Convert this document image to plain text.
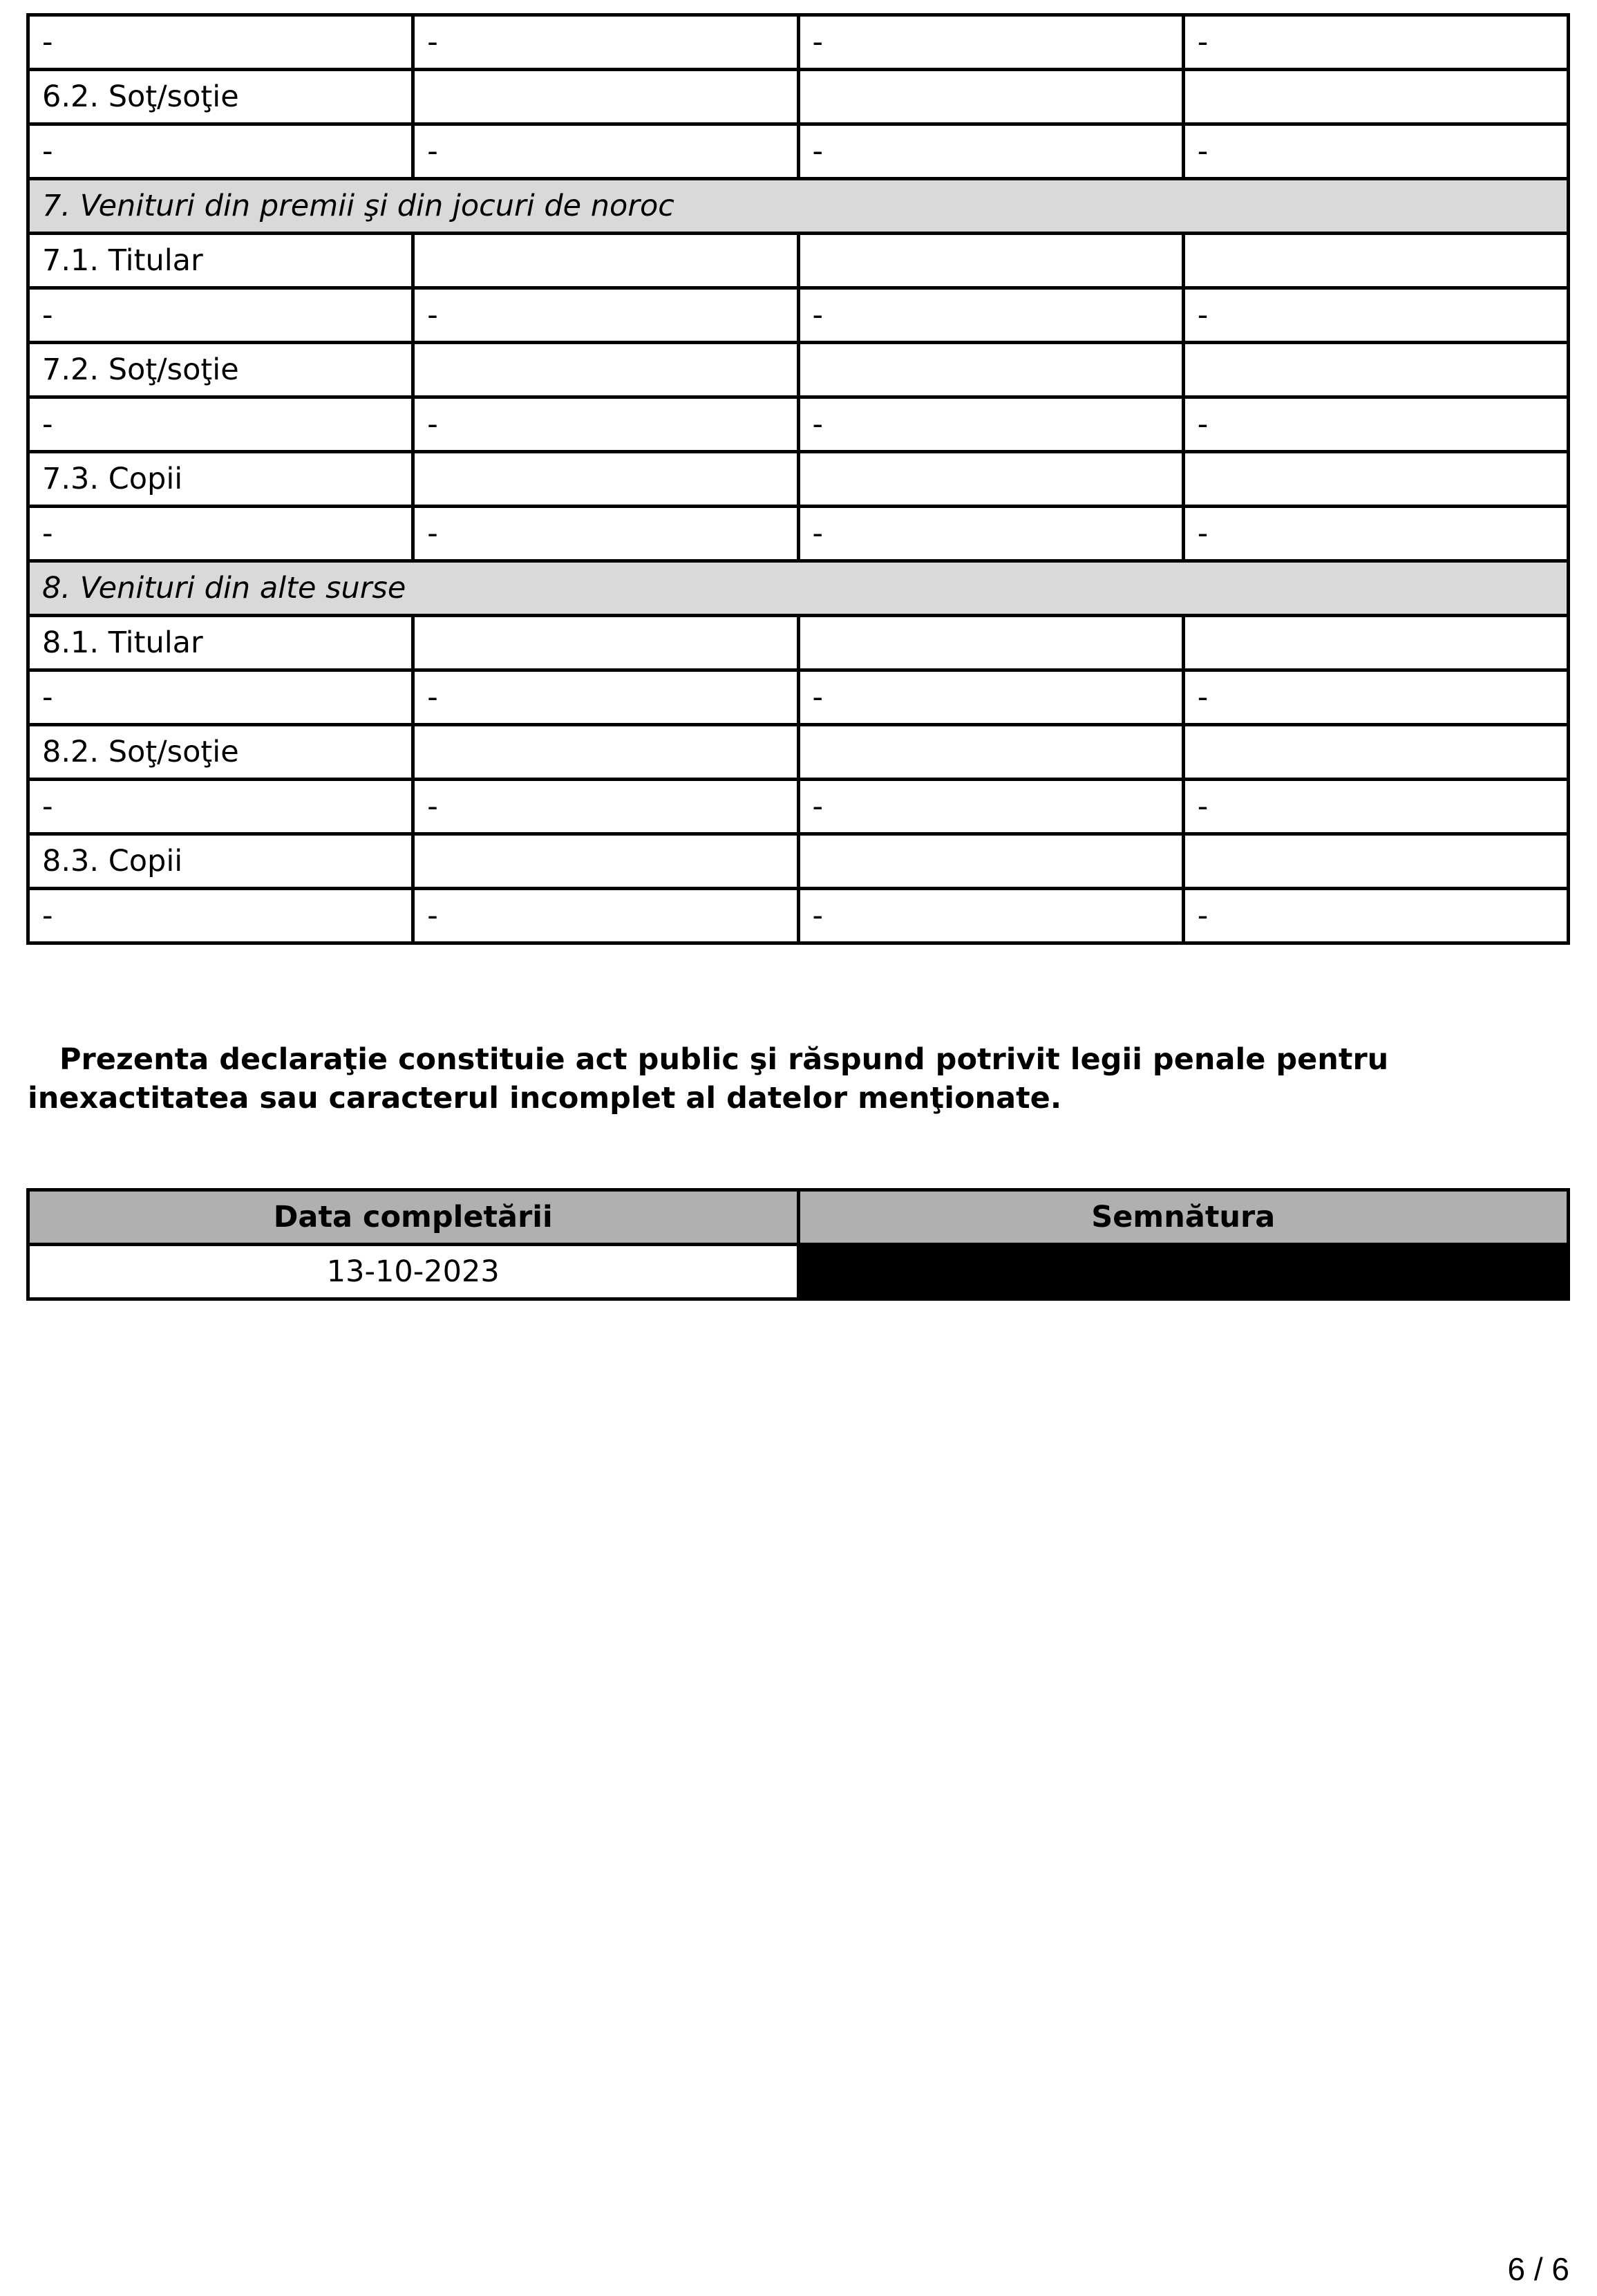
-	-	-	-
6.2. Soţ/soţie			
-	-	-	-
7. Venituri din premii şi din jocuri de noroc			
7.1. Titular			
-	-	-	-
7.2. Soţ/soţie			
-	-	-	-
7.3. Copii			
-	-	-	-
8. Venituri din alte surse			
8.1. Titular			
-	-	-	-
8.2. Soţ/soţie			
-	-	-	-
8.3. Copii			
-	-	-	-

Prezenta declaraţie constituie act public şi răspund potrivit legii penale pentru inexactitatea sau caracterul incomplet al datelor menţionate.

Data completării	Semnătura
13-10-2023	
6 / 6
